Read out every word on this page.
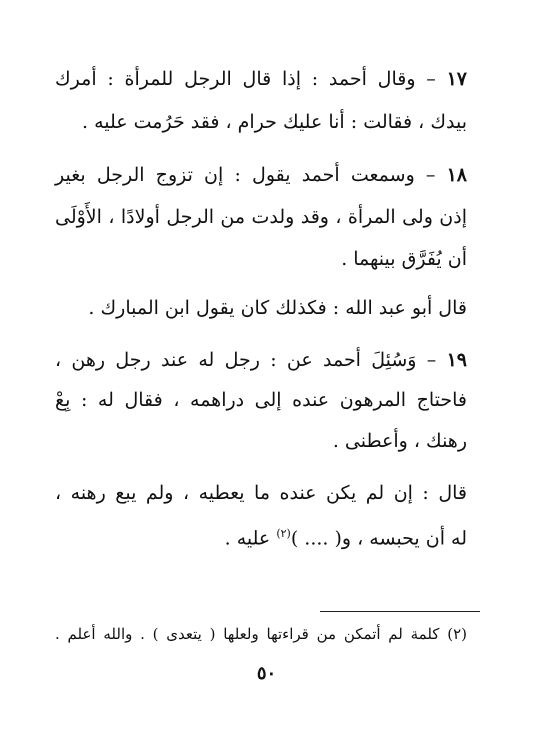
١٧ – وقال أحمد : إذا قال الرجل للمرأة : أمرك
بيدك ، فقالت : أنا عليك حرام ، فقد حَرُمت عليه .
١٨ – وسمعت أحمد يقول : إن تزوج الرجل بغير
إذن ولى المرأة ، وقد ولدت من الرجل أولادًا ، الأَوْلَى
أن يُفَرَّق بينهما .
قال أبو عبد الله : فكذلك كان يقول ابن المبارك .
١٩ – وَسُئِلَ أحمد عن : رجل له عند رجل رهن ،
فاحتاج المرهون عنده إلى دراهمه ، فقال له : بِعْ
رهنك ، وأعطنى .
قال : إن لم يكن عنده ما يعطيه ، ولم يبع رهنه ،
له أن يحبسه ، و( .... )$^{(٢)}$ عليه .
(٢) كلمة لم أتمكن من قراءتها ولعلها ( يتعدى ) . والله أعلم .
٥٠
